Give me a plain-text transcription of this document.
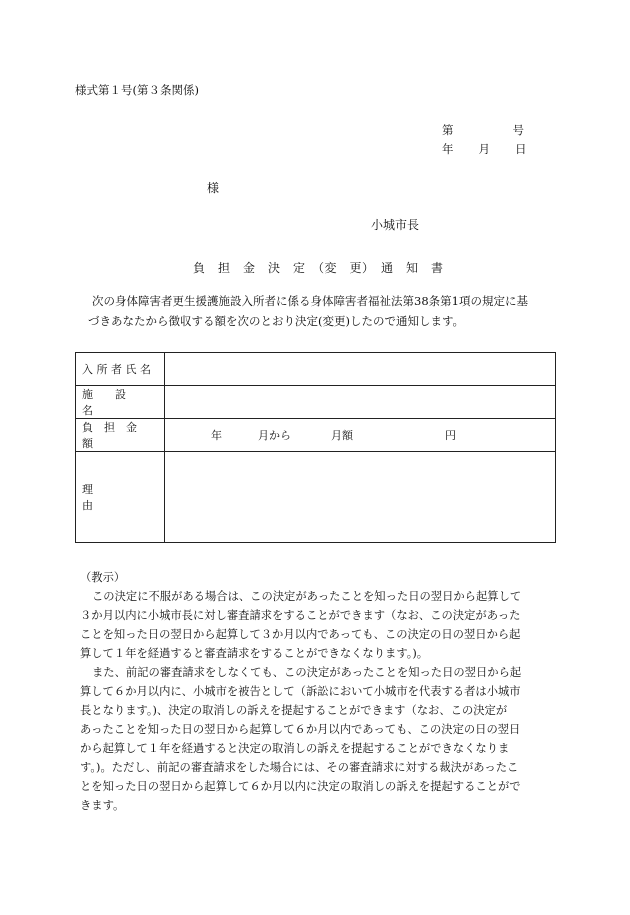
様式第１号(第３条関係)
第	号
年 月 日
様
小城市長
負　担　金　決　定　（変　更）　通　知　書

次の身体障害者更生援護施設入所者に係る身体障害者福祉法第38条第1項の規定に基

づきあなたから徴収する額を次のとおり決定(変更)したので通知します。

入 所 者 氏 名	
施　　設　　名	
負　担　金　額	年 月から 月額 円
理　　　　　由	

（教示）

この決定に不服がある場合は、この決定があったことを知った日の翌日から起算して

３か月以内に小城市長に対し審査請求をすることができます（なお、この決定があった

ことを知った日の翌日から起算して３か月以内であっても、この決定の日の翌日から起

算して１年を経過すると審査請求をすることができなくなります。)。

また、前記の審査請求をしなくても、この決定があったことを知った日の翌日から起

算して６か月以内に、小城市を被告として（訴訟において小城市を代表する者は小城市

長となります。)、決定の取消しの訴えを提起することができます（なお、この決定が

あったことを知った日の翌日から起算して６か月以内であっても、この決定の日の翌日

から起算して１年を経過すると決定の取消しの訴えを提起することができなくなりま

す。)。ただし、前記の審査請求をした場合には、その審査請求に対する裁決があったこ

とを知った日の翌日から起算して６か月以内に決定の取消しの訴えを提起することがで

きます。
